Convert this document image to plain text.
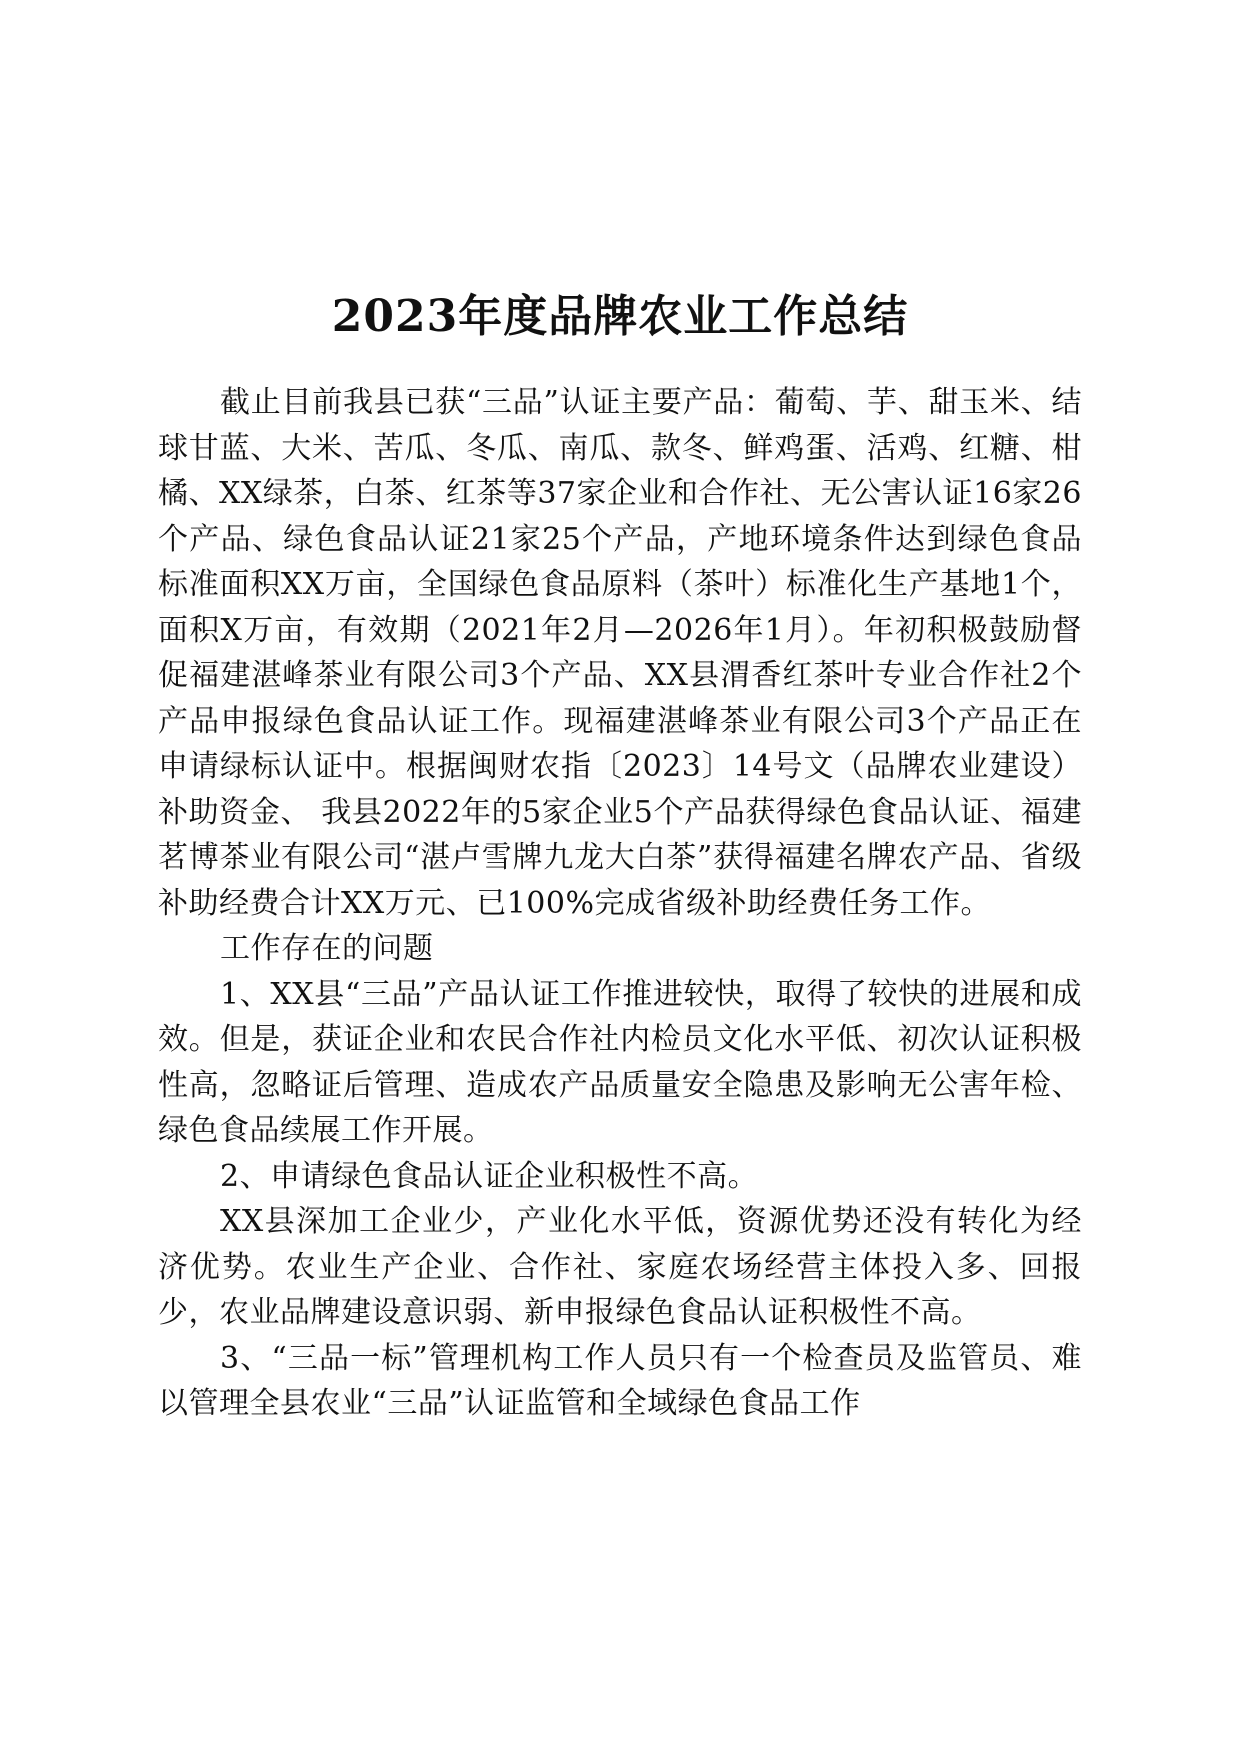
2023年度品牌农业工作总结

截止目前我县已获“三品”认证主要产品：葡萄、芋、甜玉米、结球甘蓝、大米、苦瓜、冬瓜、南瓜、款冬、鲜鸡蛋、活鸡、红糖、柑橘、XX绿茶，白茶、红茶等37家企业和合作社、无公害认证16家26个产品、绿色食品认证21家25个产品，产地环境条件达到绿色食品标准面积XX万亩，全国绿色食品原料（茶叶）标准化生产基地1个，面积X万亩，有效期（2021年2月—2026年1月）。年初积极鼓励督促福建湛峰茶业有限公司3个产品、XX县渭香红茶叶专业合作社2个产品申报绿色食品认证工作。现福建湛峰茶业有限公司3个产品正在申请绿标认证中。根据闽财农指〔2023〕14号文（品牌农业建设）补助资金、 我县2022年的5家企业5个产品获得绿色食品认证、福建茗博茶业有限公司“湛卢雪牌九龙大白茶”获得福建名牌农产品、省级补助经费合计XX万元、已100%完成省级补助经费任务工作。

工作存在的问题

1、XX县“三品”产品认证工作推进较快，取得了较快的进展和成效。但是，获证企业和农民合作社内检员文化水平低、初次认证积极性高，忽略证后管理、造成农产品质量安全隐患及影响无公害年检、绿色食品续展工作开展。

2、申请绿色食品认证企业积极性不高。

XX县深加工企业少，产业化水平低，资源优势还没有转化为经济优势。农业生产企业、合作社、家庭农场经营主体投入多、回报少，农业品牌建设意识弱、新申报绿色食品认证积极性不高。

3、“三品一标”管理机构工作人员只有一个检查员及监管员、难以管理全县农业“三品”认证监管和全域绿色食品工作
